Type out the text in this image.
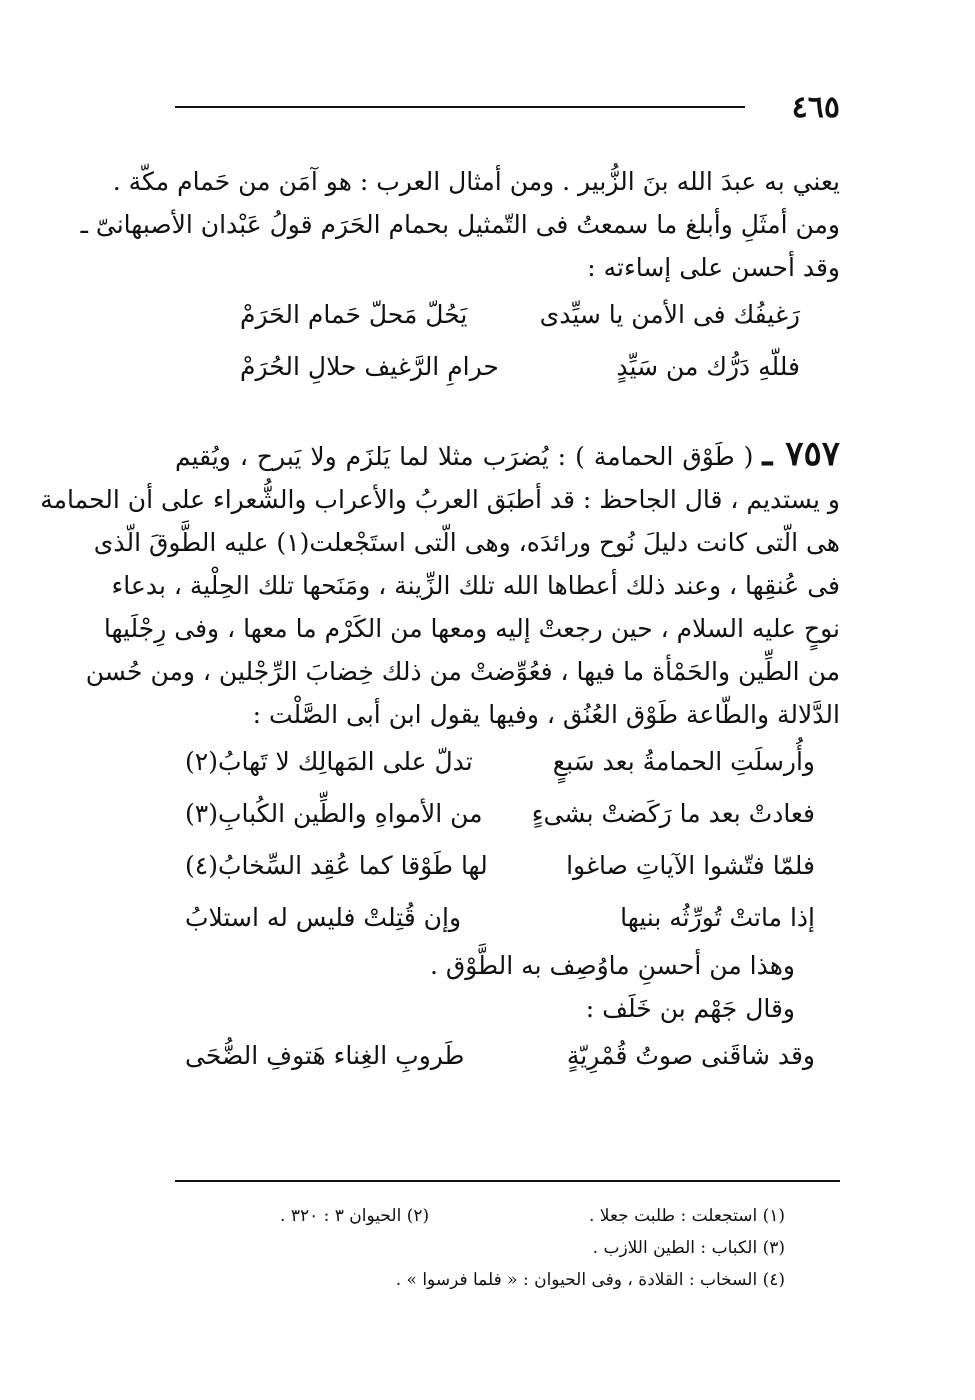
٤٦٥
يعني به عبدَ الله بنَ الزُّبير . ومن أمثال العرب : هو آمَن من حَمام مكّة .
ومن أمثَلِ وأبلغ ما سمعتُ فى التّمثيل بحمام الحَرَم قولُ عَبْدان الأصبهانىّ ـ
وقد أحسن على إساءته :
رَغيفُك فى الأمن يا سيِّدى
يَحُلّ مَحلّ حَمام الحَرَمْ
فللّهِ دَرُّك من سَيِّدٍ
حرامِ الرَّغيف حلالِ الحُرَمْ
٧٥٧ ـ ( طَوْق الحمامة ) : يُضرَب مثلا لما يَلزَم ولا يَبرح ، ويُقيم
و يستديم ، قال الجاحظ : قد أطبَق العربُ والأعراب والشُّعراء على أن الحمامة
هى الّتى كانت دليلَ نُوح ورائدَه، وهى الّتى استَجْعلت(١) عليه الطَّوقَ الّذى
فى عُنقِها ، وعند ذلك أعطاها الله تلك الزِّينة ، ومَنَحها تلك الحِلْية ، بدعاء
نوحٍ عليه السلام ، حين رجعتْ إليه ومعها من الكَرْم ما معها ، وفى رِجْلَيها
من الطِّين والحَمْأة ما فيها ، فعُوِّضتْ من ذلك خِضابَ الرِّجْلين ، ومن حُسن
الدَّلالة والطّاعة طَوْق العُنُق ، وفيها يقول ابن أبى الصَّلْت :
وأُرسلَتِ الحمامةُ بعد سَبعٍ
تدلّ على المَهالِك لا تَهابُ(٢)
فعادتْ بعد ما رَكَضتْ بشىءٍ
من الأمواهِ والطِّين الكُبابِ(٣)
فلمّا فتّشوا الآياتِ صاغوا
لها طَوْقا كما عُقِد السِّخابُ(٤)
إذا ماتتْ تُورِّثُه بنيها
وإن قُتِلتْ فليس له استلابُ
وهذا من أحسنِ ماوُصِف به الطَّوْق .
وقال جَهْم بن خَلَف :
وقد شاقَنى صوتُ قُمْرِيّةٍ
طَروبِ الغِناء هَتوفِ الضُّحَى
(١) استجعلت : طلبت جعلا .
(٢) الحيوان ٣ : ٣٢٠ .
(٣) الكباب : الطين اللازب .
(٤) السخاب : القلادة ، وفى الحيوان : « فلما فرسوا » .
